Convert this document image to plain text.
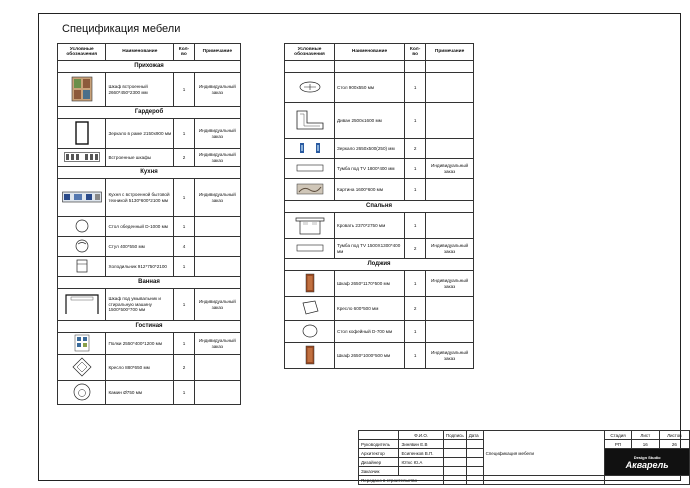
Спецификация мебели
Условные обозначения	Наименование	Кол-во	Примечание
Прихожая			
	Шкаф встроенный 2660*450*2300 мм	1	Индивидуальный заказ
Гардероб			
	Зеркало в раме 2150х900 мм	1	Индивидуальный заказ
	Встроенные шкафы	2	Индивидуальный заказ
Кухня			
	Кухня с встроенной бытовой техникой 5130*600*2100 мм	1	Индивидуальный заказ
	Стол обеденный D-1000 мм	1	
	Стул 400*550 мм	4	
	Холодильник 912*750*2100	1	
Ванная			
	Шкаф под умывальник и стиральную машину 1500*500*700 мм	1	Индивидуальный заказ
Гостиная			
	Полки 2550*400*1200 мм	1	Индивидуальный заказ
	Кресло 880*650 мм	2	
	Камин Ø750 мм	1	
Условные обозначения	Наименование	Кол-во	Примечание

	Стол 900х550 мм	1	
	Диван 2500х1600 мм	1	
	Зеркало 2650х500(250) мм	2	
	Тумба под TV 1800*400 мм	1	Индивидуальный заказ
	Картина 1600*600 мм	1	
Спальня			
	Кровать 2370*2750 мм	1	
	Тумба под TV 1500Х1300*400 мм	2	Индивидуальный заказ
Лоджия			
	Шкаф 2650*1170*500 мм	1	Индивидуальный заказ
	Кресло 600*500 мм	2	
	Стол кофейный D-700 мм	1	
	Шкаф 2650*1000*500 мм	1	Индивидуальный заказ
	Ф.И.О.	Подпись	Дата	Спецификация мебели	Стадия	Лист	Листов
Руководитель	Зинявин Е.В				РП	16	26
Архитектор	Есипенков В.П.				Design Studio
Акварель		

Дизайнер	Юткс Ю.А						
Заказчик							
Передано в строительство							
